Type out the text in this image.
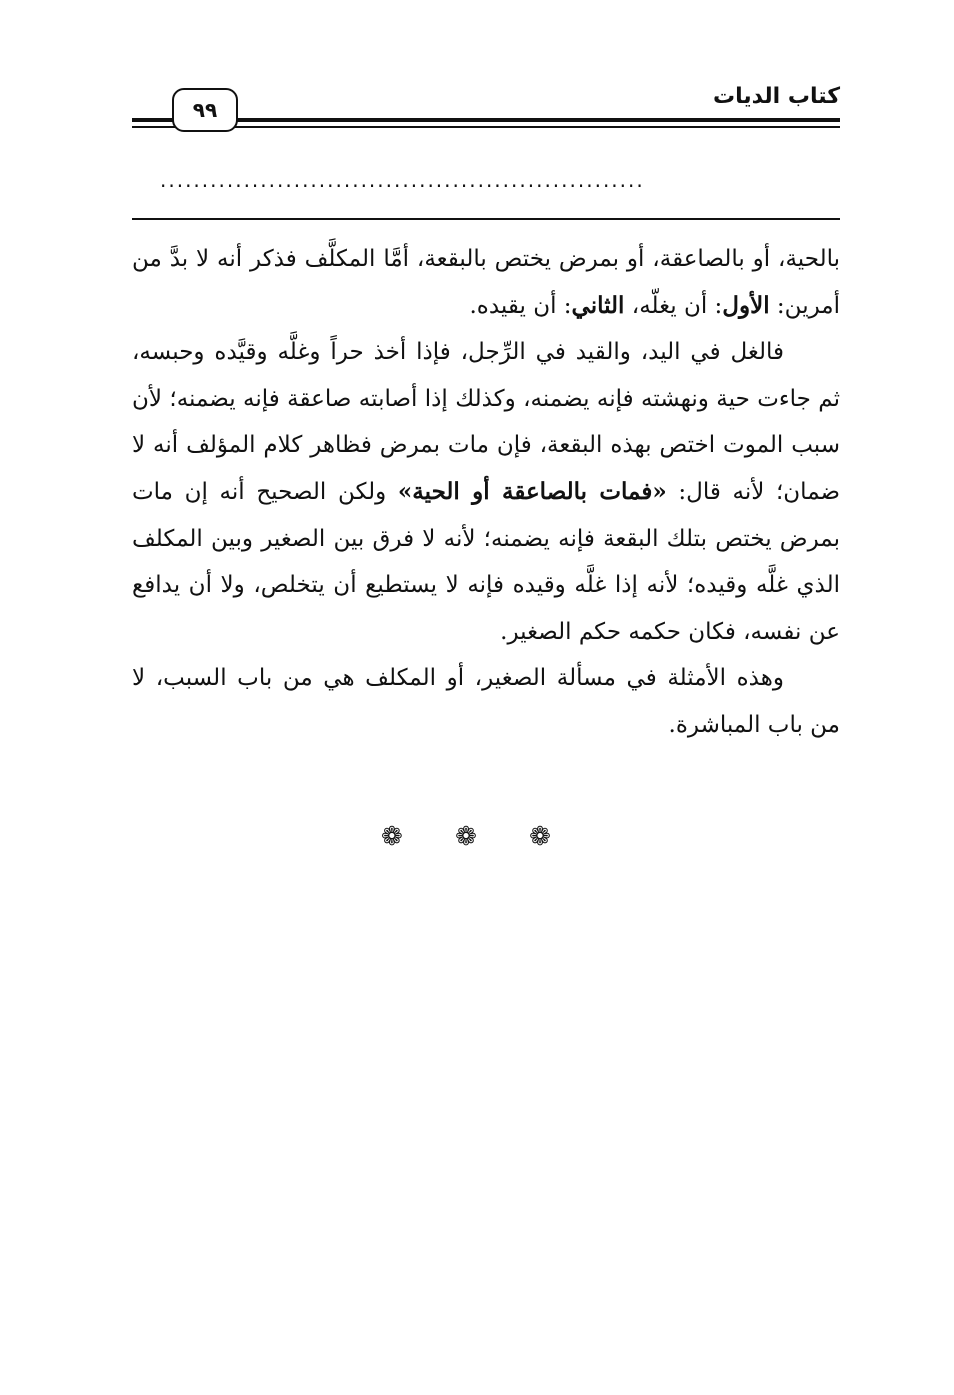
كتاب الديات
٩٩
..........................................................

بالحية، أو بالصاعقة، أو بمرض يختص بالبقعة، أمَّا المكلَّف فذكر أنه لا بدَّ من أمرين: الأول: أن يغلّه، الثاني: أن يقيده.

فالغل في اليد، والقيد في الرِّجل، فإذا أخذ حراً وغلَّه وقيَّده وحبسه، ثم جاءت حية ونهشته فإنه يضمنه، وكذلك إذا أصابته صاعقة فإنه يضمنه؛ لأن سبب الموت اختص بهذه البقعة، فإن مات بمرض فظاهر كلام المؤلف أنه لا ضمان؛ لأنه قال: «فمات بالصاعقة أو الحية» ولكن الصحيح أنه إن مات بمرض يختص بتلك البقعة فإنه يضمنه؛ لأنه لا فرق بين الصغير وبين المكلف الذي غلَّه وقيده؛ لأنه إذا غلَّه وقيده فإنه لا يستطيع أن يتخلص، ولا أن يدافع عن نفسه، فكان حكمه حكم الصغير.

وهذه الأمثلة في مسألة الصغير، أو المكلف هي من باب السبب، لا من باب المباشرة.

❁ ❁ ❁
